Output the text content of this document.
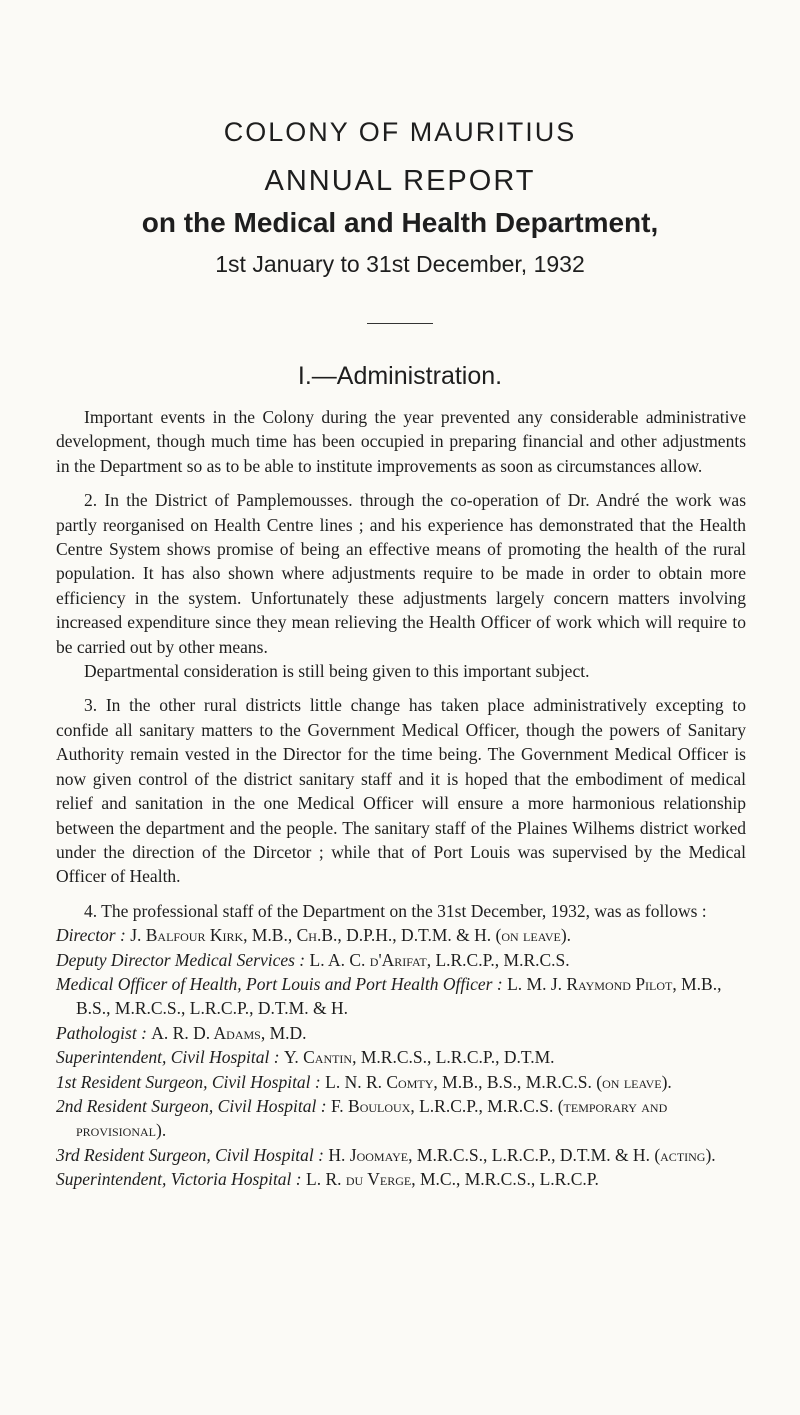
COLONY OF MAURITIUS
ANNUAL REPORT
on the Medical and Health Department,
1st January to 31st December, 1932
I.—Administration.

Important events in the Colony during the year prevented any considerable administrative development, though much time has been occupied in preparing financial and other adjustments in the Department so as to be able to institute improvements as soon as circumstances allow.

2. In the District of Pamplemousses. through the co-operation of Dr. André the work was partly reorganised on Health Centre lines ; and his experience has demonstrated that the Health Centre System shows promise of being an effective means of promoting the health of the rural population. It has also shown where adjustments require to be made in order to obtain more efficiency in the system. Unfortunately these adjustments largely concern matters involving increased expenditure since they mean relieving the Health Officer of work which will require to be carried out by other means.

Departmental consideration is still being given to this important subject.

3. In the other rural districts little change has taken place administratively excepting to confide all sanitary matters to the Government Medical Officer, though the powers of Sanitary Authority remain vested in the Director for the time being. The Government Medical Officer is now given control of the district sanitary staff and it is hoped that the embodiment of medical relief and sanitation in the one Medical Officer will ensure a more harmonious relationship between the department and the people. The sanitary staff of the Plaines Wilhems district worked under the direction of the Dircetor ; while that of Port Louis was supervised by the Medical Officer of Health.

4. The professional staff of the Department on the 31st December, 1932, was as follows :

Director : J. Balfour Kirk, M.B., Ch.B., D.P.H., D.T.M. & H. (on leave).
Deputy Director Medical Services : L. A. C. d'Arifat, L.R.C.P., M.R.C.S.
Medical Officer of Health, Port Louis and Port Health Officer : L. M. J. Raymond Pilot, M.B., B.S., M.R.C.S., L.R.C.P., D.T.M. & H.
Pathologist : A. R. D. Adams, M.D.
Superintendent, Civil Hospital : Y. Cantin, M.R.C.S., L.R.C.P., D.T.M.
1st Resident Surgeon, Civil Hospital : L. N. R. Comty, M.B., B.S., M.R.C.S. (on leave).
2nd Resident Surgeon, Civil Hospital : F. Bouloux, L.R.C.P., M.R.C.S. (temporary and provisional).
3rd Resident Surgeon, Civil Hospital : H. Joomaye, M.R.C.S., L.R.C.P., D.T.M. & H. (acting).
Superintendent, Victoria Hospital : L. R. du Verge, M.C., M.R.C.S., L.R.C.P.
